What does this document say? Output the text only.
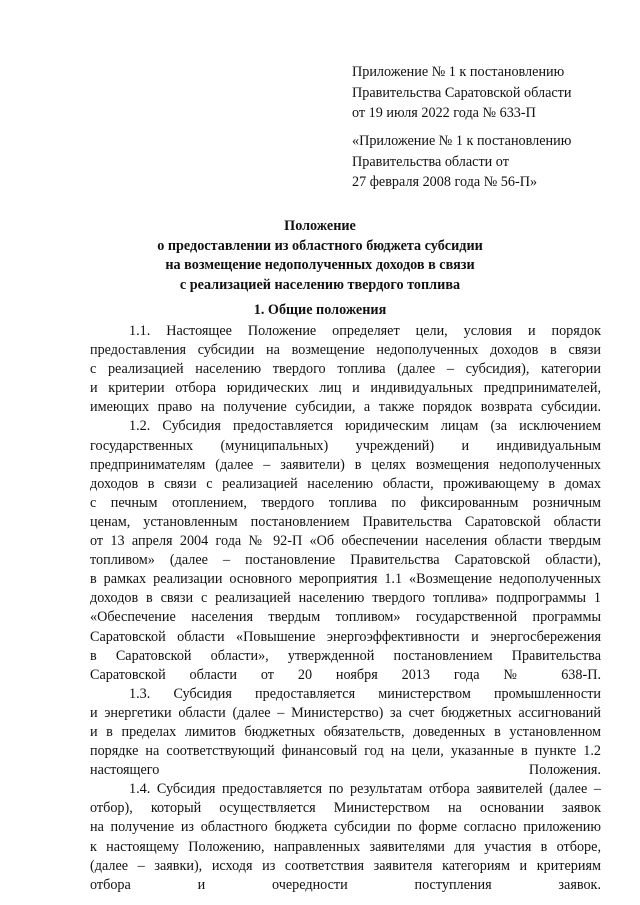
Приложение № 1 к постановлению
Правительства Саратовской области
от 19 июля 2022 года № 633-П
«Приложение № 1 к постановлению
Правительства области от
27 февраля 2008 года № 56-П»
Положение
о предоставлении из областного бюджета субсидии
на возмещение недополученных доходов в связи
с реализацией населению твердого топлива
1. Общие положения
1.1. Настоящее Положение определяет цели, условия и порядок
предоставления субсидии на возмещение недополученных доходов в связи
с реализацией населению твердого топлива (далее – субсидия), категории
и критерии отбора юридических лиц и индивидуальных предпринимателей,
имеющих право на получение субсидии, а также порядок возврата субсидии.
1.2. Субсидия предоставляется юридическим лицам (за исключением
государственных (муниципальных) учреждений) и индивидуальным
предпринимателям (далее – заявители) в целях возмещения недополученных
доходов в связи с реализацией населению области, проживающему в домах
с печным отоплением, твердого топлива по фиксированным розничным
ценам, установленным постановлением Правительства Саратовской области
от 13 апреля 2004 года № 92-П «Об обеспечении населения области твердым
топливом» (далее – постановление Правительства Саратовской области),
в рамках реализации основного мероприятия 1.1 «Возмещение недополученных
доходов в связи с реализацией населению твердого топлива» подпрограммы 1
«Обеспечение населения твердым топливом» государственной программы
Саратовской области «Повышение энергоэффективности и энергосбережения
в Саратовской области», утвержденной постановлением Правительства
Саратовской области от 20 ноября 2013 года № 638-П.
1.3. Субсидия предоставляется министерством промышленности
и энергетики области (далее – Министерство) за счет бюджетных ассигнований
и в пределах лимитов бюджетных обязательств, доведенных в установленном
порядке на соответствующий финансовый год на цели, указанные в пункте 1.2
настоящего Положения.
1.4. Субсидия предоставляется по результатам отбора заявителей (далее –
отбор), который осуществляется Министерством на основании заявок
на получение из областного бюджета субсидии по форме согласно приложению
к настоящему Положению, направленных заявителями для участия в отборе,
(далее – заявки), исходя из соответствия заявителя категориям и критериям
отбора и очередности поступления заявок.
